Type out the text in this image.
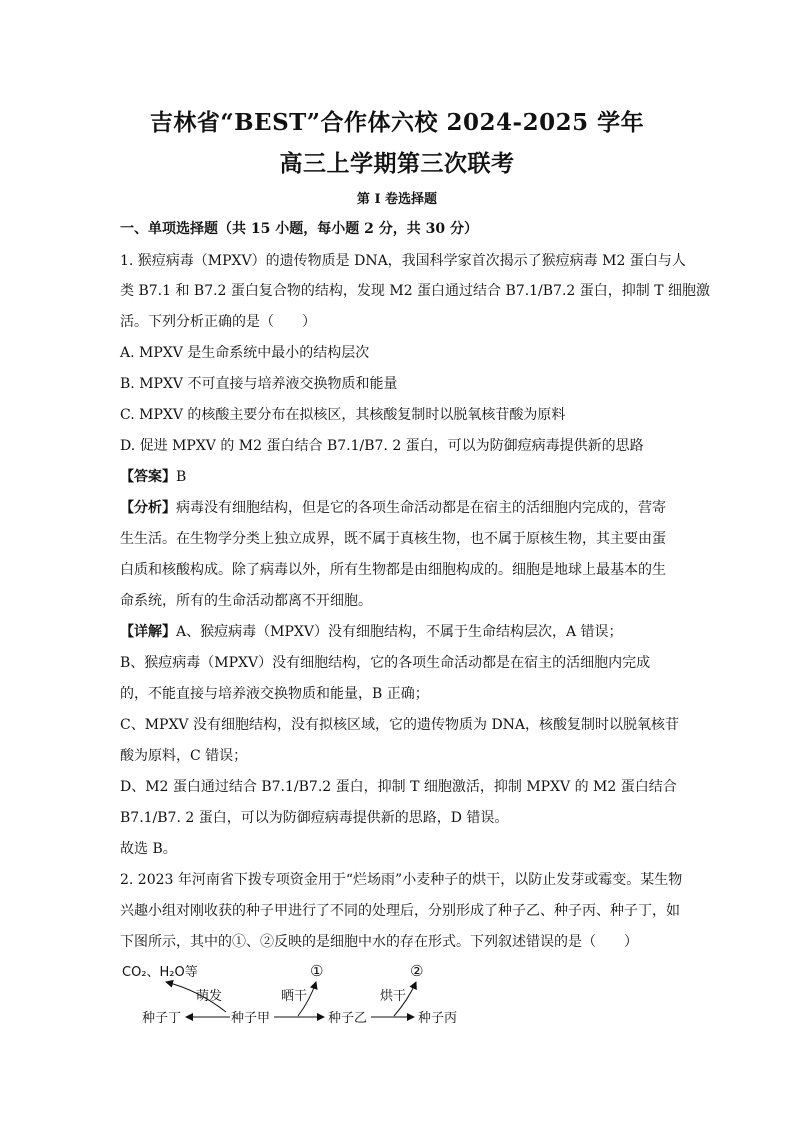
吉林省“BEST”合作体六校 2024-2025 学年
高三上学期第三次联考
第 I 卷选择题
一、单项选择题（共 15 小题，每小题 2 分，共 30 分）
1. 猴痘病毒（MPXV）的遗传物质是 DNA，我国科学家首次揭示了猴痘病毒 M2 蛋白与人
类 B7.1 和 B7.2 蛋白复合物的结构，发现 M2 蛋白通过结合 B7.1/B7.2 蛋白，抑制 T 细胞激
活。下列分析正确的是（　　）
A. MPXV 是生命系统中最小的结构层次
B. MPXV 不可直接与培养液交换物质和能量
C. MPXV 的核酸主要分布在拟核区，其核酸复制时以脱氧核苷酸为原料
D. 促进 MPXV 的 M2 蛋白结合 B7.1/B7. 2 蛋白，可以为防御痘病毒提供新的思路
【答案】B
【分析】病毒没有细胞结构，但是它的各项生命活动都是在宿主的活细胞内完成的，营寄
生生活。在生物学分类上独立成界，既不属于真核生物，也不属于原核生物，其主要由蛋
白质和核酸构成。除了病毒以外，所有生物都是由细胞构成的。细胞是地球上最基本的生
命系统，所有的生命活动都离不开细胞。
【详解】A、猴痘病毒（MPXV）没有细胞结构，不属于生命结构层次，A 错误；
B、猴痘病毒（MPXV）没有细胞结构，它的各项生命活动都是在宿主的活细胞内完成
的，不能直接与培养液交换物质和能量，B 正确；
C、MPXV 没有细胞结构，没有拟核区域，它的遗传物质为 DNA，核酸复制时以脱氧核苷
酸为原料，C 错误；
D、M2 蛋白通过结合 B7.1/B7.2 蛋白，抑制 T 细胞激活，抑制 MPXV 的 M2 蛋白结合
B7.1/B7. 2 蛋白，可以为防御痘病毒提供新的思路，D 错误。
故选 B。
2. 2023 年河南省下拨专项资金用于“烂场雨”小麦种子的烘干，以防止发芽或霉变。某生物
兴趣小组对刚收获的种子甲进行了不同的处理后，分别形成了种子乙、种子丙、种子丁，如
下图所示，其中的①、②反映的是细胞中水的存在形式。下列叙述错误的是（　　）
CO₂、H₂O等	①	②
萌发	晒干	烘干
种子丁	种子甲	种子乙	种子丙
